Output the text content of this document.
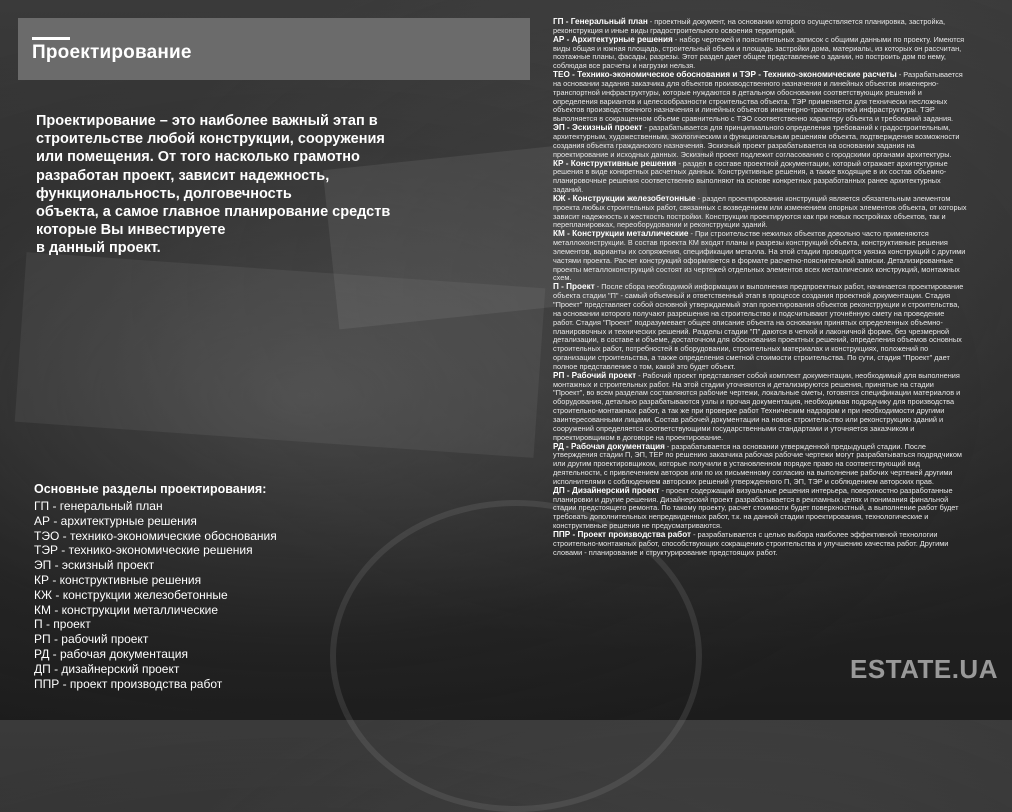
Проектирование

Проектирование – это наиболее важный этап в
строительстве любой конструкции, сооружения
или помещения. От того насколько грамотно
разработан проект, зависит надежность,
функциональность, долговечность
объекта, а самое главное планирование средств
которые Вы инвестируете
в данный проект.

Основные разделы проектирования:
ГП - генеральный план
АР - архитектурные решения
ТЭО - технико-экономические обоснования
ТЭР - технико-экономические решения
ЭП - эскизный проект
КР - конструктивные решения
КЖ - конструкции железобетонные
КМ - конструкции металлические
П - проект
РП - рабочий проект
РД - рабочая документация
ДП - дизайнерский проект
ППР - проект производства работ

ГП - Генеральный план - проектный документ, на основании которого осуществляется планировка, застройка, реконструкция и иные виды градостроительного освоения территорий.

АР - Архитектурные решения - набор чертежей и пояснительных записок с общими данными по проекту. Имеются виды общая и южная площадь, строительный объем и площадь застройки дома, материалы, из которых он рассчитан, поэтажные планы, фасады, разрезы. Этот раздел дает общее представление о здании, но построить дом по нему, соблюдая все расчеты и нагрузки нельзя.

ТЕО - Технико-экономическое обоснования и ТЭР - Технико-экономические расчеты - Разрабатывается на основании задания заказчика для объектов производственного назначения и линейных объектов инженерно-транспортной инфраструктуры, которые нуждаются в детальном обосновании соответствующих решений и определения вариантов и целесообразности строительства объекта. ТЭР применяется для технически несложных объектов производственного назначения и линейных объектов инженерно-транспортной инфраструктуры. ТЭР выполняется в сокращенном объеме сравнительно с ТЭО соответственно характеру объекта и требований задания.

ЭП - Эскизный проект - разрабатывается для принципиального определения требований к градостроительным, архитектурным, художественным, экологическим и функциональным решениям объекта, подтверждения возможности создания объекта гражданского назначения. Эскизный проект разрабатывается на основании задания на проектирование и исходных данных. Эскизный проект подлежит согласованию с городскими органами архитектуры.

КР - Конструктивные решения - раздел в составе проектной документации, который отражает архитектурные решения в виде конкретных расчетных данных. Конструктивные решения, а также входящие в их состав объемно-планировочные решения соответственно выполняют на основе конкретных разработанных ранее архитектурных заданий.

КЖ - Конструкции железобетонные - раздел проектирования конструкций является обязательным элементом проекта любых строительных работ, связанных с возведением или изменением опорных элементов объекта, от которых зависит надежность и жесткость постройки. Конструкции проектируются как при новых постройках объектов, так и перепланировках, переоборудовании и реконструкции зданий.

КМ - Конструкции металлические - При строительстве нежилых объектов довольно часто применяются металлоконструкции. В состав проекта КМ входят планы и разрезы конструкций объекта, конструктивные решения элементов, варианты их сопряжения, спецификации металла. На этой стадии проводится увязка конструкций с другими частями проекта. Расчет конструкций оформляется в формате расчетно-пояснительной записки. Детализированные проекты металлоконструкций состоят из чертежей отдельных элементов всех металлических конструкций, монтажных схем.

П - Проект - После сбора необходимой информации и выполнения предпроектных работ, начинается проектирование объекта стадии "П" - самый объемный и ответственный этап в процессе создания проектной документации. Стадия "Проект" представляет собой основной утверждаемый этап проектирования объектов реконструкции и строительства, на основании которого получают разрешения на строительство и подсчитывают уточнённую смету на проведение работ. Стадия "Проект" подразумевает общее описание объекта на основании принятых определенных объемно-планировочных и технических решений. Разделы стадии "П" даются в четкой и лаконичной форме, без чрезмерной детализации, в составе и объеме, достаточном для обоснования проектных решений, определения объемов основных строительных работ, потребностей в оборудовании, строительных материалах и конструкциях, положений по организации строительства, а также определения сметной стоимости строительства. По сути, стадия "Проект" дает полное представление о том, какой это будет объект.

РП - Рабочий проект - Рабочий проект представляет собой комплект документации, необходимый для выполнения монтажных и строительных работ. На этой стадии уточняются и детализируются решения, принятые на стадии "Проект", во всем разделам составляются рабочие чертежи, локальные сметы, готовятся спецификации материалов и оборудования, детально разрабатываются узлы и прочая документация, необходимая подрядчику для производства строительно-монтажных работ, а так же при проверке работ Техническим надзором и при необходимости другими заинтересованными лицами. Состав рабочей документации на новое строительство или реконструкцию зданий и сооружений определяется соответствующими государственными стандартами и уточняется заказчиком и проектировщиком в договоре на проектирование.

РД - Рабочая документация - разрабатывается на основании утвержденной предыдущей стадии. После утверждения стадии П, ЭП, ТЕР по решению заказчика рабочая рабочие чертежи могут разрабатываться подрядчиком или другим проектировщиком, которые получили в установленном порядке право на соответствующий вид деятельности, с привлечением авторов или по их письменному согласию на выполнение рабочих чертежей другими исполнителями с соблюдением авторских решений утвержденного П, ЭП, ТЭР и соблюдением авторских прав.

ДП - Дизайнерский проект - проект содержащий визуальные решения интерьера, поверхностно разработанные планировки и другие решения. Дизайнерский проект разрабатывается в рекламных целях и понимания финальной стадии предстоящего ремонта. По такому проекту, расчет стоимости будет поверхностный, а выполнение работ будет требовать дополнительных непредвиденных работ, т.к. на данной стадии проектирования, технологические и конструктивные решения не предусматриваются.

ППР - Проект производства работ - разрабатывается с целью выбора наиболее эффективной технологии строительно-монтажных работ, способствующих сокращению строительства и улучшению качества работ. Другими словами - планирование и структурирование предстоящих работ.

ESTATE.UA
